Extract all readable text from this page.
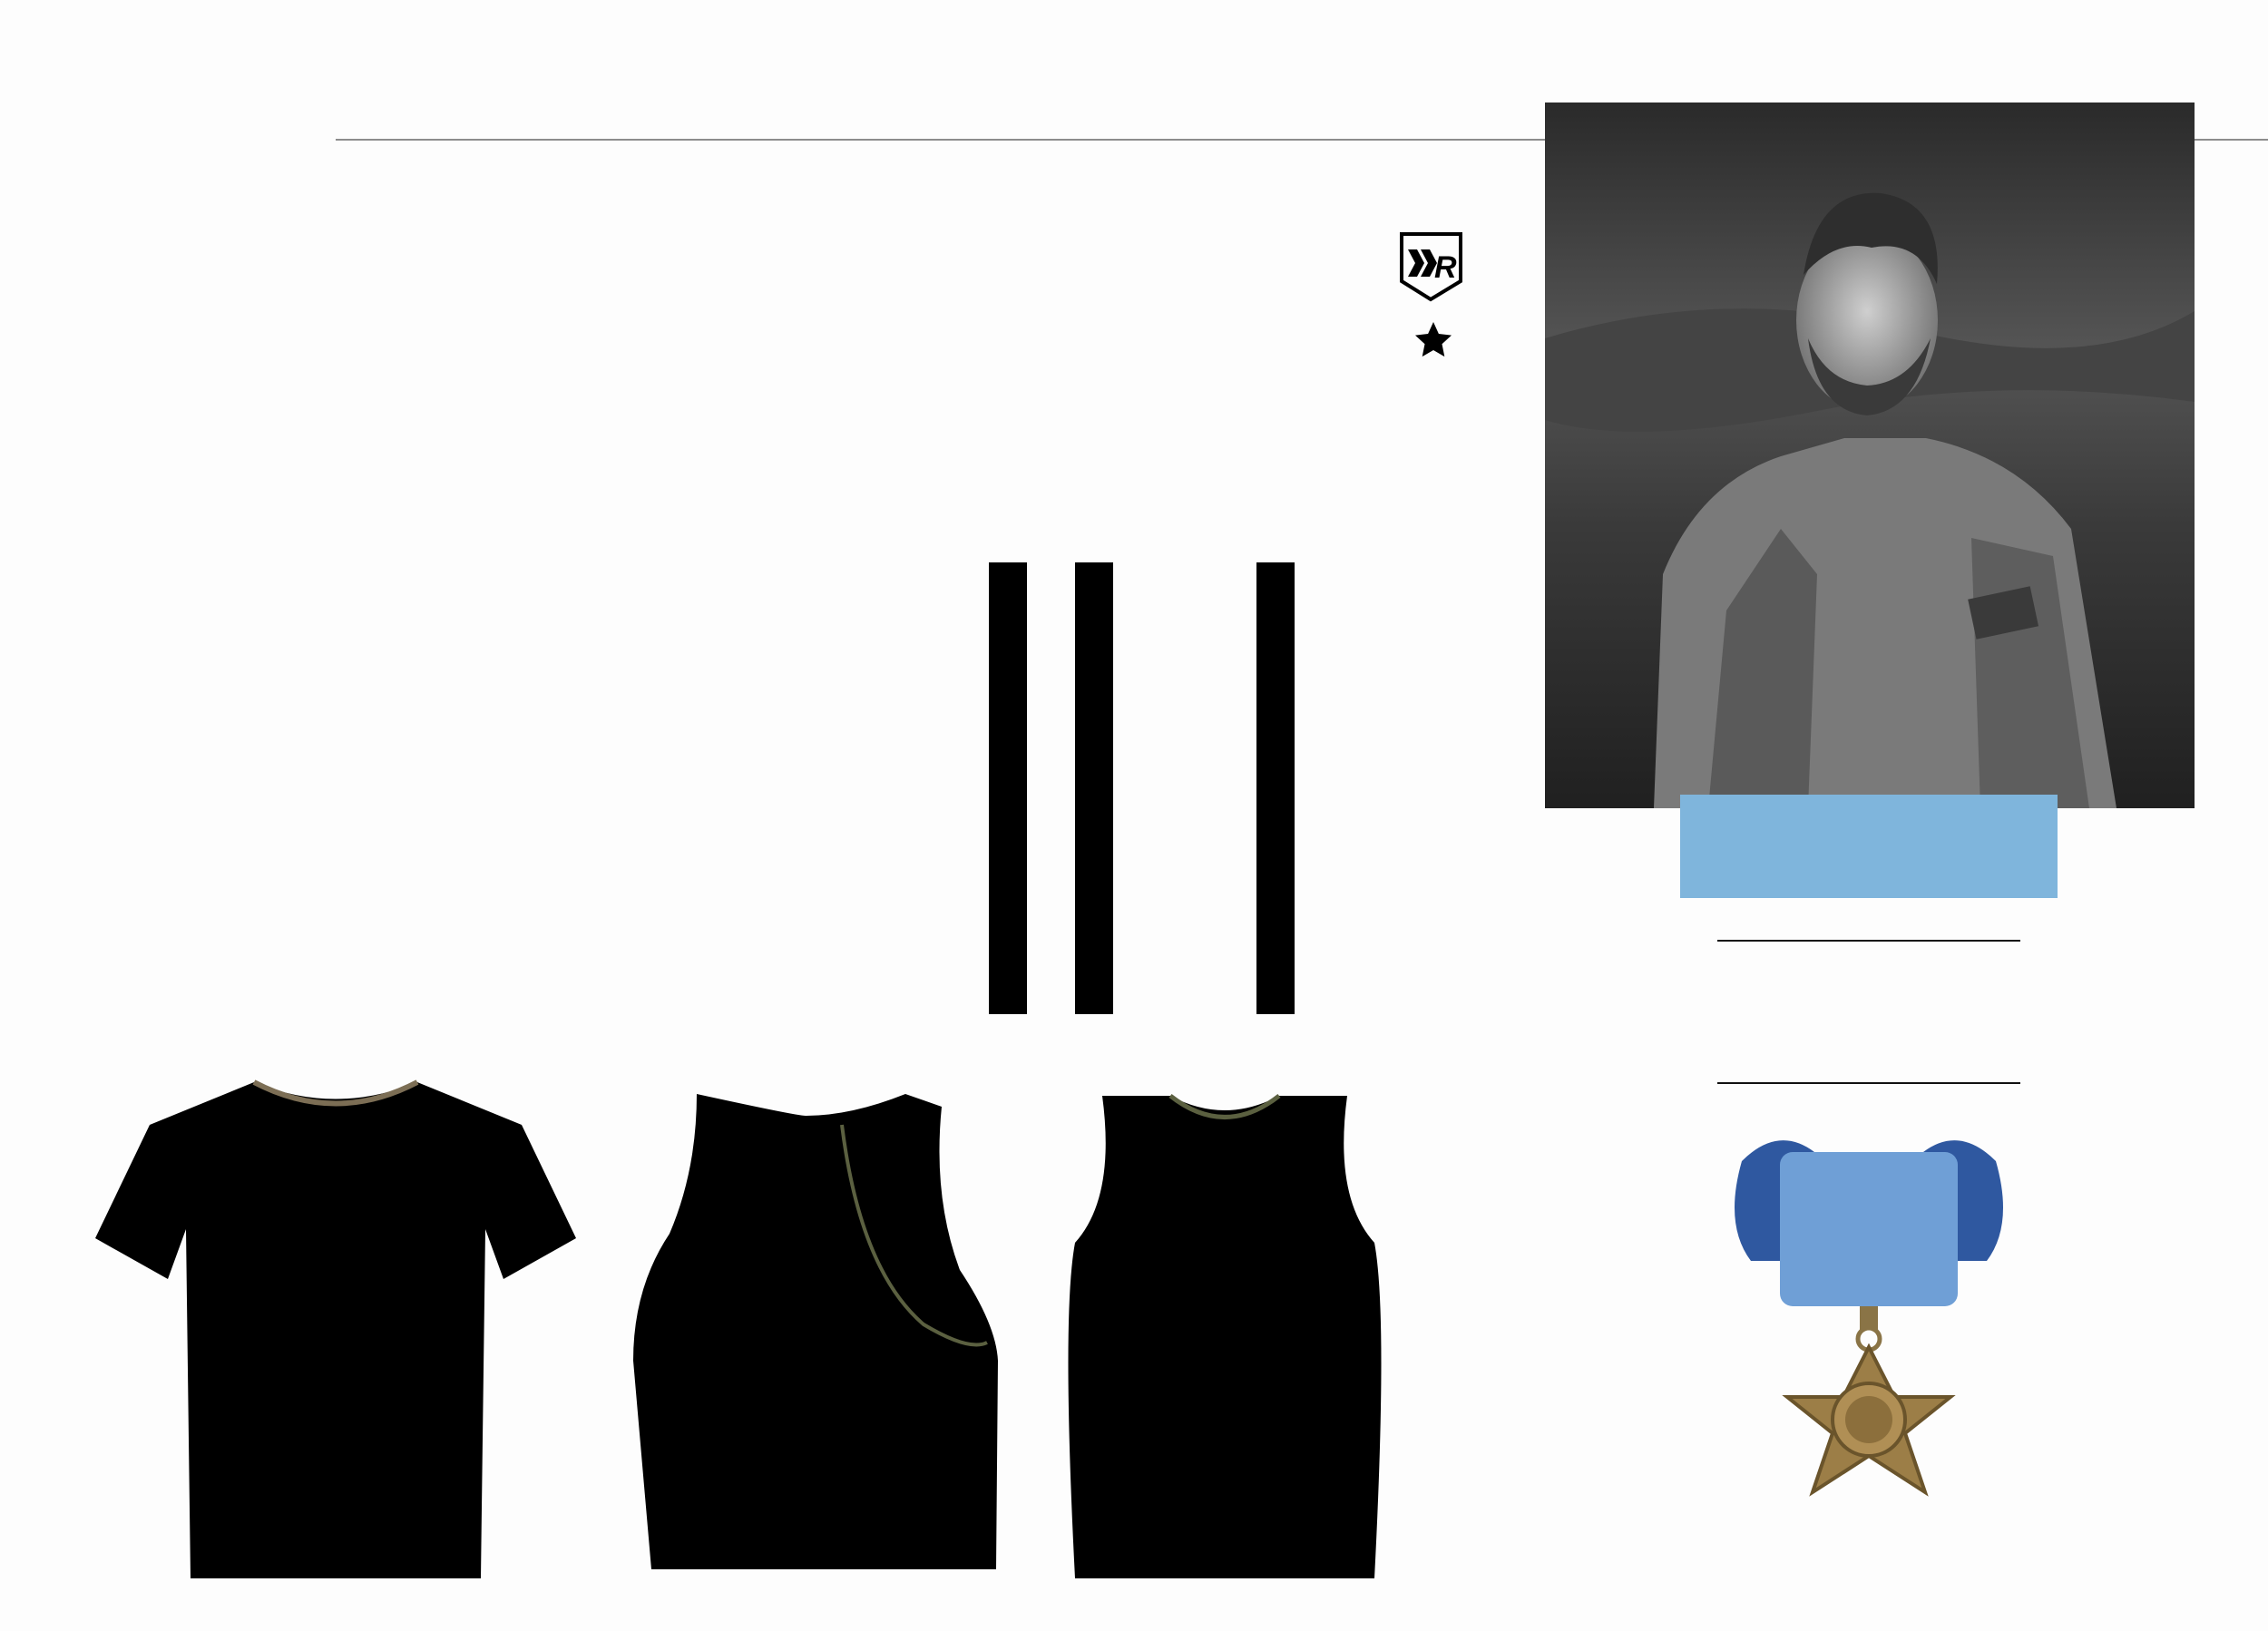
R
